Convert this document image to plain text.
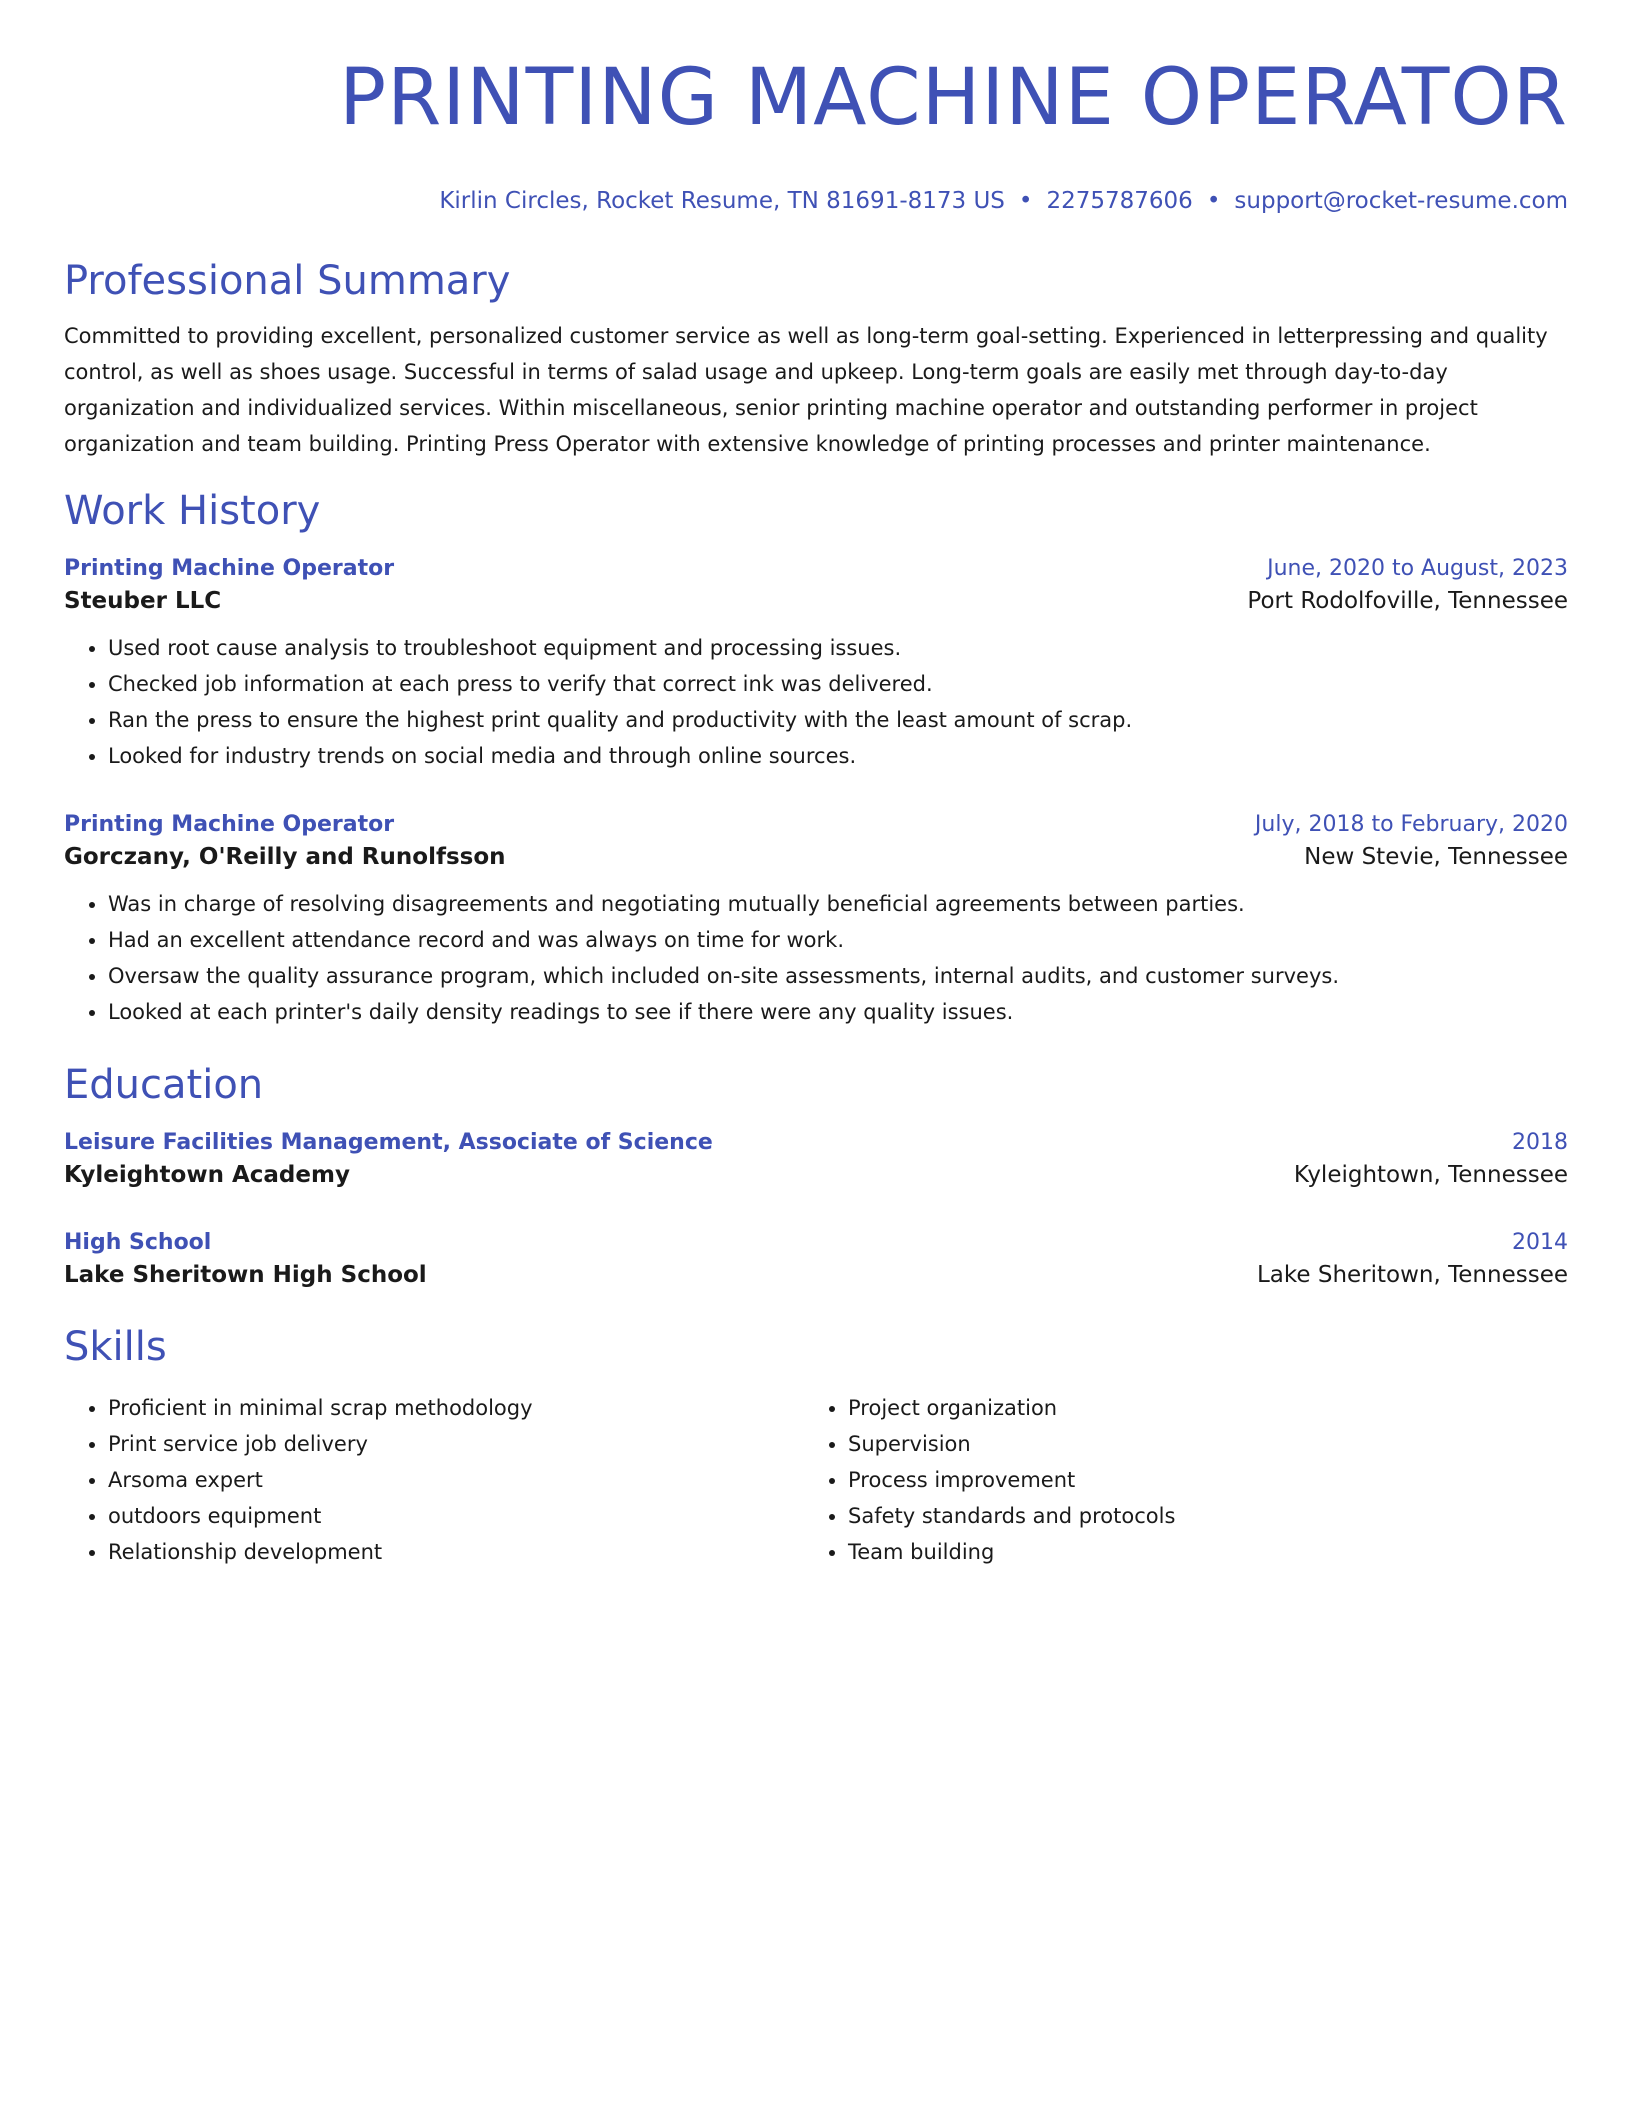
PRINTING MACHINE OPERATOR
Kirlin Circles, Rocket Resume, TN 81691-8173 US • 2275787606 • support@rocket-resume.com
Professional Summary
Committed to providing excellent, personalized customer service as well as long-term goal-setting. Experienced in letterpressing and quality control, as well as shoes usage. Successful in terms of salad usage and upkeep. Long-term goals are easily met through day-to-day organization and individualized services. Within miscellaneous, senior printing machine operator and outstanding performer in project organization and team building. Printing Press Operator with extensive knowledge of printing processes and printer maintenance.
Work History
Printing Machine Operator	June, 2020 to August, 2023
Steuber LLC	Port Rodolfoville, Tennessee
• Used root cause analysis to troubleshoot equipment and processing issues.
• Checked job information at each press to verify that correct ink was delivered.
• Ran the press to ensure the highest print quality and productivity with the least amount of scrap.
• Looked for industry trends on social media and through online sources.
Printing Machine Operator	July, 2018 to February, 2020
Gorczany, O'Reilly and Runolfsson	New Stevie, Tennessee
• Was in charge of resolving disagreements and negotiating mutually beneficial agreements between parties.
• Had an excellent attendance record and was always on time for work.
• Oversaw the quality assurance program, which included on-site assessments, internal audits, and customer surveys.
• Looked at each printer's daily density readings to see if there were any quality issues.
Education
Leisure Facilities Management, Associate of Science	2018
Kyleightown Academy	Kyleightown, Tennessee
High School	2014
Lake Sheritown High School	Lake Sheritown, Tennessee
Skills
• Proficient in minimal scrap methodology
• Print service job delivery
• Arsoma expert
• outdoors equipment
• Relationship development
• Project organization
• Supervision
• Process improvement
• Safety standards and protocols
• Team building
